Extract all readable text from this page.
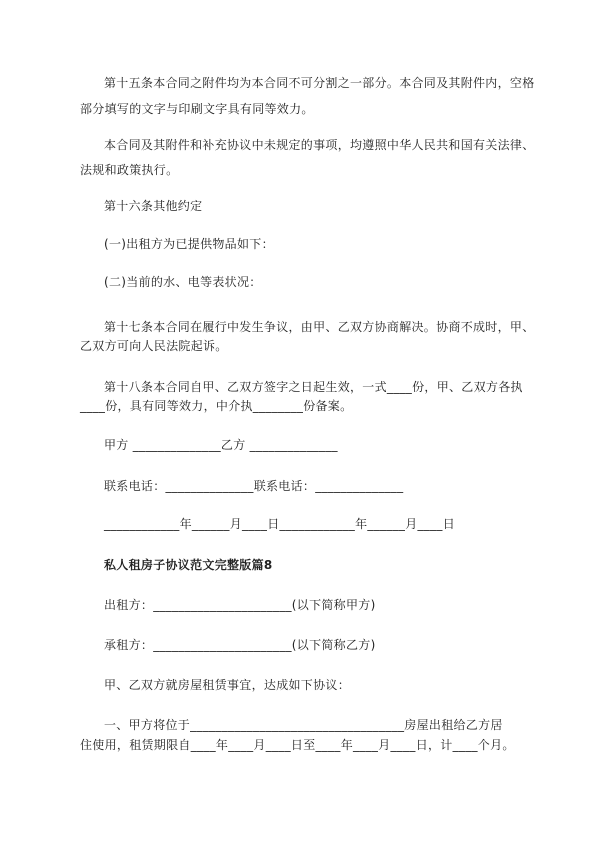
第十五条本合同之附件均为本合同不可分割之一部分。本合同及其附件内，空格
部分填写的文字与印刷文字具有同等效力。
本合同及其附件和补充协议中未规定的事项，均遵照中华人民共和国有关法律、
法规和政策执行。
第十六条其他约定
(一)出租方为已提供物品如下：
(二)当前的水、电等表状况：
第十七条本合同在履行中发生争议，由甲、乙双方协商解决。协商不成时，甲、
乙双方可向人民法院起诉。
第十八条本合同自甲、乙双方签字之日起生效，一式____份，甲、乙双方各执
____份，具有同等效力，中介执________份备案。
甲方 ______________乙方 ______________
联系电话：______________联系电话：______________
____________年______月____日____________年______月____日
私人租房子协议范文完整版篇8
出租方：______________________(以下简称甲方)
承租方：______________________(以下简称乙方)
甲、乙双方就房屋租赁事宜，达成如下协议：
一、甲方将位于__________________________________房屋出租给乙方居
住使用，租赁期限自____年____月____日至____年____月____日，计____个月。
